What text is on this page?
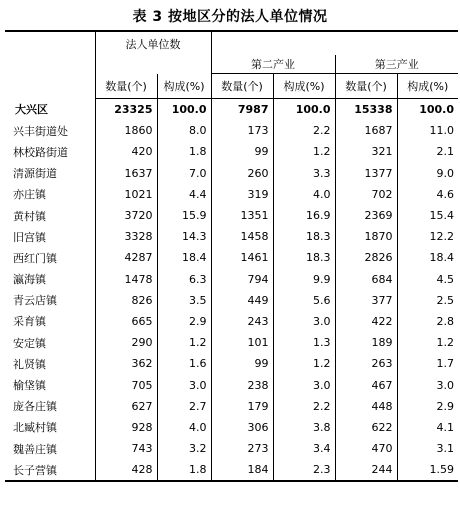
表 3 按地区分的法人单位情况
	法人单位数					
			第二产业		第三产业	
	数量(个)	构成(%)	数量(个)	构成(%)	数量(个)	构成(%)
大兴区	23325	100.0	7987	100.0	15338	100.0
兴丰街道处	1860	8.0	173	2.2	1687	11.0
林校路街道	420	1.8	99	1.2	321	2.1
清源街道	1637	7.0	260	3.3	1377	9.0
亦庄镇	1021	4.4	319	4.0	702	4.6
黄村镇	3720	15.9	1351	16.9	2369	15.4
旧宫镇	3328	14.3	1458	18.3	1870	12.2
西红门镇	4287	18.4	1461	18.3	2826	18.4
瀛海镇	1478	6.3	794	9.9	684	4.5
青云店镇	826	3.5	449	5.6	377	2.5
采育镇	665	2.9	243	3.0	422	2.8
安定镇	290	1.2	101	1.3	189	1.2
礼贤镇	362	1.6	99	1.2	263	1.7
榆垡镇	705	3.0	238	3.0	467	3.0
庞各庄镇	627	2.7	179	2.2	448	2.9
北臧村镇	928	4.0	306	3.8	622	4.1
魏善庄镇	743	3.2	273	3.4	470	3.1
长子营镇	428	1.8	184	2.3	244	1.59
